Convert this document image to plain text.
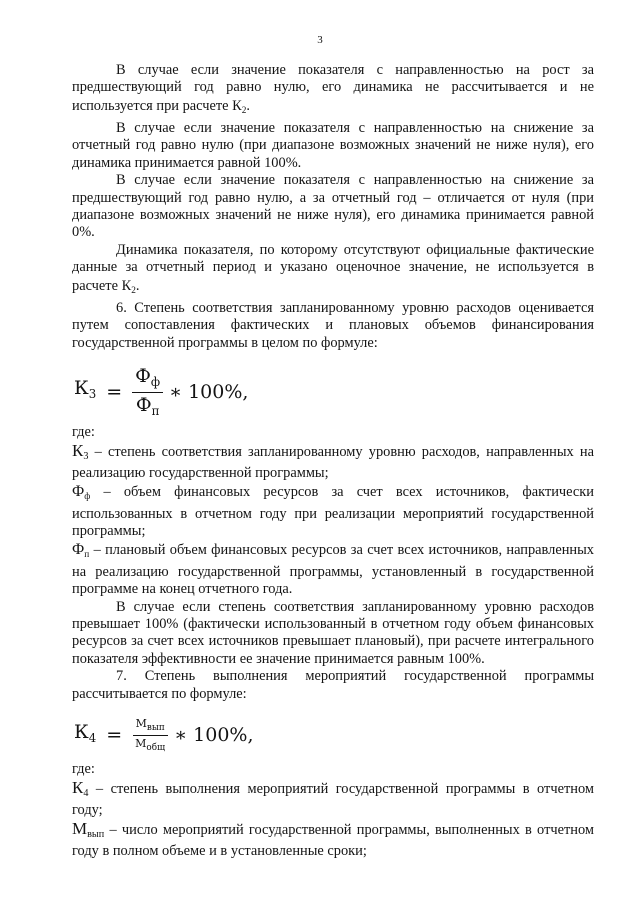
3

В случае если значение показателя с направленностью на рост за предшествующий год равно нулю, его динамика не рассчитывается и не используется при расчете $К_2$.

В случае если значение показателя с направленностью на снижение за отчетный год равно нулю (при диапазоне возможных значений не ниже нуля), его динамика принимается равной 100%.

В случае если значение показателя с направленностью на снижение за предшествующий год равно нулю, а за отчетный год – отличается от нуля (при диапазоне возможных значений не ниже нуля), его динамика принимается равной 0%.

Динамика показателя, по которому отсутствуют официальные фактические данные за отчетный период и указано оценочное значение, не используется в расчете $К_2$.

6. Степень соответствия запланированному уровню расходов оценивается путем сопоставления фактических и плановых объемов финансирования государственной программы в целом по формуле:

$К_3 = \frac{Ф_ф}{Ф_п}$ ∗ 100%,

где:

$К_3$ – степень соответствия запланированному уровню расходов, направленных на реализацию государственной программы;

$Ф_ф$ – объем финансовых ресурсов за счет всех источников, фактически использованных в отчетном году при реализации мероприятий государственной программы;

$Ф_п$ – плановый объем финансовых ресурсов за счет всех источников, направленных на реализацию государственной программы, установленный в государственной программе на конец отчетного года.

В случае если степень соответствия запланированному уровню расходов превышает 100% (фактически использованный в отчетном году объем финансовых ресурсов за счет всех источников превышает плановый), при расчете интегрального показателя эффективности ее значение принимается равным 100%.

7. Степень выполнения мероприятий государственной программы рассчитывается по формуле:

$К_4 = \frac{М_{вып}}{М_{общ}}$ ∗ 100%,

где:

$К_4$ – степень выполнения мероприятий государственной программы в отчетном году;

$М_{вып}$ – число мероприятий государственной программы, выполненных в отчетном году в полном объеме и в установленные сроки;
